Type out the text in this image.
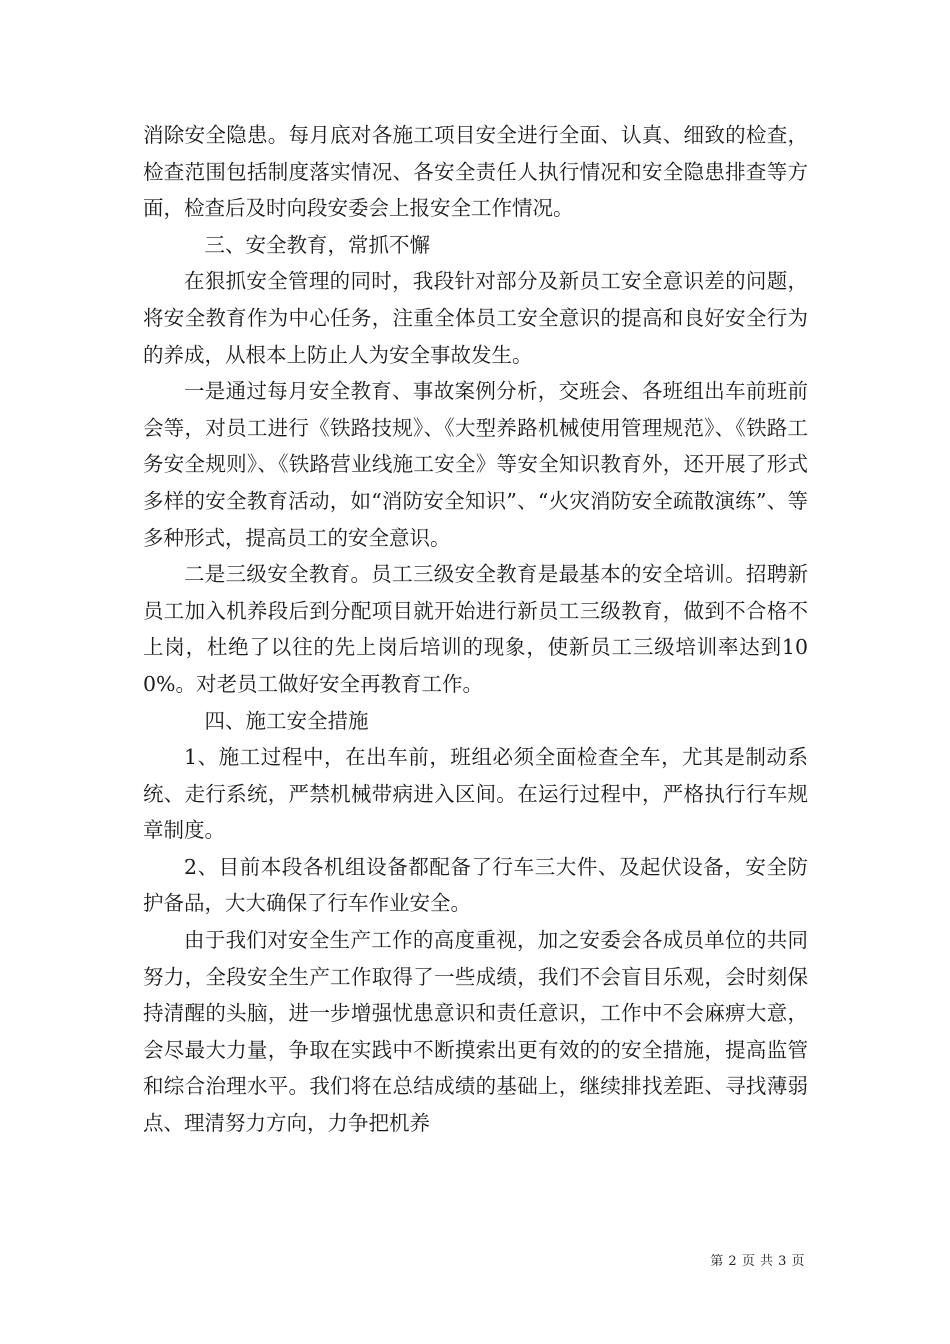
消除安全隐患。每月底对各施工项目安全进行全面、认真、细致的检查，检查范围包括制度落实情况、各安全责任人执行情况和安全隐患排查等方面，检查后及时向段安委会上报安全工作情况。

三、安全教育，常抓不懈

在狠抓安全管理的同时，我段针对部分及新员工安全意识差的问题，将安全教育作为中心任务，注重全体员工安全意识的提高和良好安全行为的养成，从根本上防止人为安全事故发生。

一是通过每月安全教育、事故案例分析，交班会、各班组出车前班前会等，对员工进行《铁路技规》、《大型养路机械使用管理规范》、《铁路工务安全规则》、《铁路营业线施工安全》等安全知识教育外，还开展了形式多样的安全教育活动，如“消防安全知识”、“火灾消防安全疏散演练”、等多种形式，提高员工的安全意识。

二是三级安全教育。员工三级安全教育是最基本的安全培训。招聘新员工加入机养段后到分配项目就开始进行新员工三级教育，做到不合格不上岗，杜绝了以往的先上岗后培训的现象，使新员工三级培训率达到100%。对老员工做好安全再教育工作。

四、施工安全措施

1、施工过程中，在出车前，班组必须全面检查全车，尤其是制动系统、走行系统，严禁机械带病进入区间。在运行过程中，严格执行行车规章制度。

2、目前本段各机组设备都配备了行车三大件、及起伏设备，安全防护备品，大大确保了行车作业安全。

由于我们对安全生产工作的高度重视，加之安委会各成员单位的共同努力，全段安全生产工作取得了一些成绩，我们不会盲目乐观，会时刻保持清醒的头脑，进一步增强忧患意识和责任意识，工作中不会麻痹大意，会尽最大力量，争取在实践中不断摸索出更有效的的安全措施，提高监管和综合治理水平。我们将在总结成绩的基础上，继续排找差距、寻找薄弱点、理清努力方向，力争把机养

第 2 页 共 3 页
